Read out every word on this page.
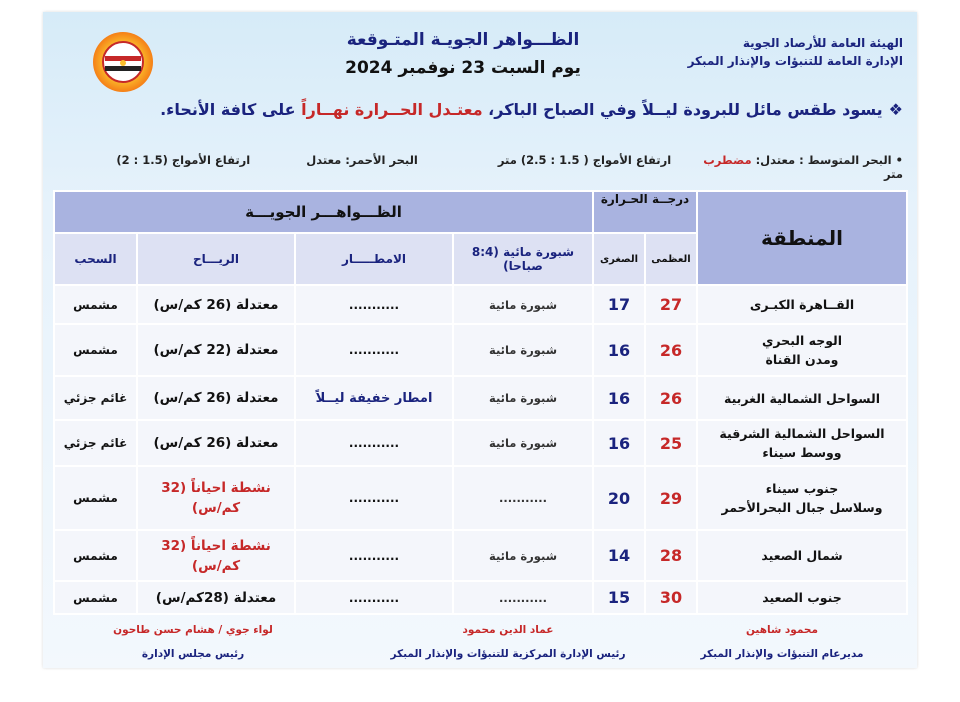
الهيئة العامة للأرصاد الجوية
الإدارة العامة للتنبؤات والإنذار المبكر
الظـــواهر الجويـة المتـوقعة
يوم السبت 23 نوفمبر 2024
❖يسود طقس مائل للبرودة ليــلاً وفي الصباح الباكر، معتـدل الحــرارة نهــاراً على كافة الأنحاء.
• البحر المتوسط : معتدل: مضطرب  ارتفاع الأمواج ( 1.5 : 2.5) متر  البحر الأحمر: معتدل  ارتفاع الأمواج (1.5 : 2) متر
المنطقة	درجــة الحـرارة		الظـــواهـــر الجويـــة			
	العظمى	الصغرى	شبورة مائية (8:4 صباحا)	الامطـــــار	الريـــاح	السحب
القــاهرة الكبـرى	27	17	شبورة مائية	...........	معتدلة (26 كم/س)	مشمس
الوجه البحري
ومدن القناة	26	16	شبورة مائية	...........	معتدلة (22 كم/س)	مشمس
السواحل الشمالية الغربية	26	16	شبورة مائية	امطار خفيفة ليــلاً	معتدلة (26 كم/س)	غائم جزئي
السواحل الشمالية الشرقية
ووسط سيناء	25	16	شبورة مائية	...........	معتدلة (26 كم/س)	غائم جزئي
جنوب سيناء
وسلاسل جبال البحرالأحمر	29	20	...........	...........	نشطة احياناً (32
كم/س)	مشمس
شمال الصعيد	28	14	شبورة مائية	...........	نشطة احياناً (32
كم/س)	مشمس
جنوب الصعيد	30	15	...........	...........	معتدلة (28كم/س)	مشمس
محمود شاهين
مديرعام التنبؤات والإنذار المبكر
عماد الدين محمود
رئيس الإدارة المركزية للتنبؤات والإنذار المبكر
لواء جوي / هشام حسن طاحون
رئيس مجلس الإدارة
